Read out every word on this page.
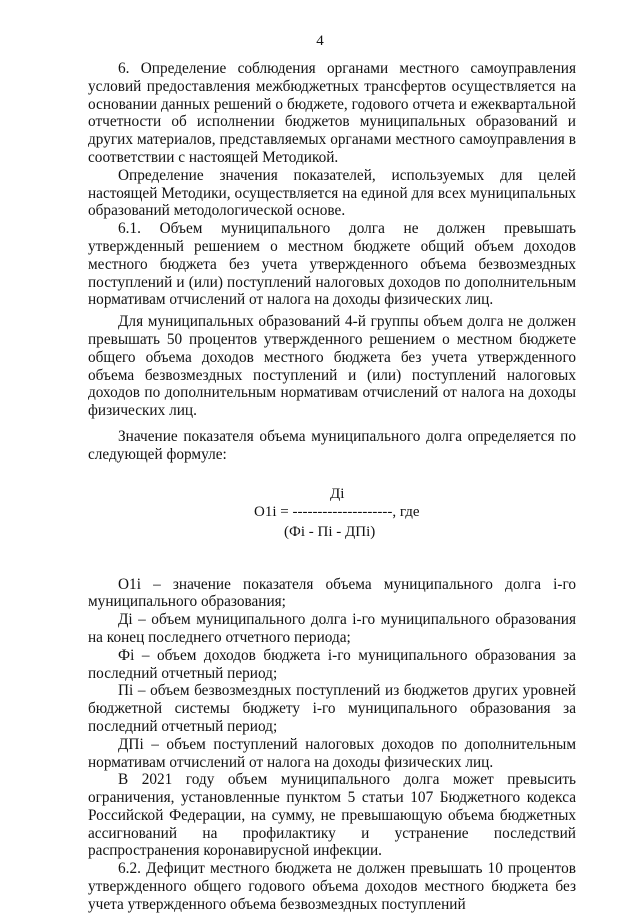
4

6. Определение соблюдения органами местного самоуправления условий предоставления межбюджетных трансфертов осуществляется на основании данных решений о бюджете, годового отчета и ежеквартальной отчетности об исполнении бюджетов муниципальных образований и других материалов, представляемых органами местного самоуправления в соответствии с настоящей Методикой.

Определение значения показателей, используемых для целей настоящей Методики, осуществляется на единой для всех муниципальных образований методологической основе.

6.1. Объем муниципального долга не должен превышать утвержденный решением о местном бюджете общий объем доходов местного бюджета без учета утвержденного объема безвозмездных поступлений и (или) поступлений налоговых доходов по дополнительным нормативам отчислений от налога на доходы физических лиц.

Для муниципальных образований 4-й группы объем долга не должен превышать 50 процентов утвержденного решением о местном бюджете общего объема доходов местного бюджета без учета утвержденного объема безвозмездных поступлений и (или) поступлений налоговых доходов по дополнительным нормативам отчислений от налога на доходы физических лиц.

Значение показателя объема муниципального долга определяется по следующей формуле:

Дi
О1i = --------------------, где
(Фi - Пi - ДПi)

О1i – значение показателя объема муниципального долга i-го муниципального образования;

Дi – объем муниципального долга i-го муниципального образования на конец последнего отчетного периода;

Фi – объем доходов бюджета i-го муниципального образования за последний отчетный период;

Пi – объем безвозмездных поступлений из бюджетов других уровней бюджетной системы бюджету i-го муниципального образования за последний отчетный период;

ДПi – объем поступлений налоговых доходов по дополнительным нормативам отчислений от налога на доходы физических лиц.

В 2021 году объем муниципального долга может превысить ограничения, установленные пунктом 5 статьи 107 Бюджетного кодекса Российской Федерации, на сумму, не превышающую объема бюджетных ассигнований на профилактику и устранение последствий распространения коронавирусной инфекции.

6.2. Дефицит местного бюджета не должен превышать 10 процентов утвержденного общего годового объема доходов местного бюджета без учета утвержденного объема безвозмездных поступлений
